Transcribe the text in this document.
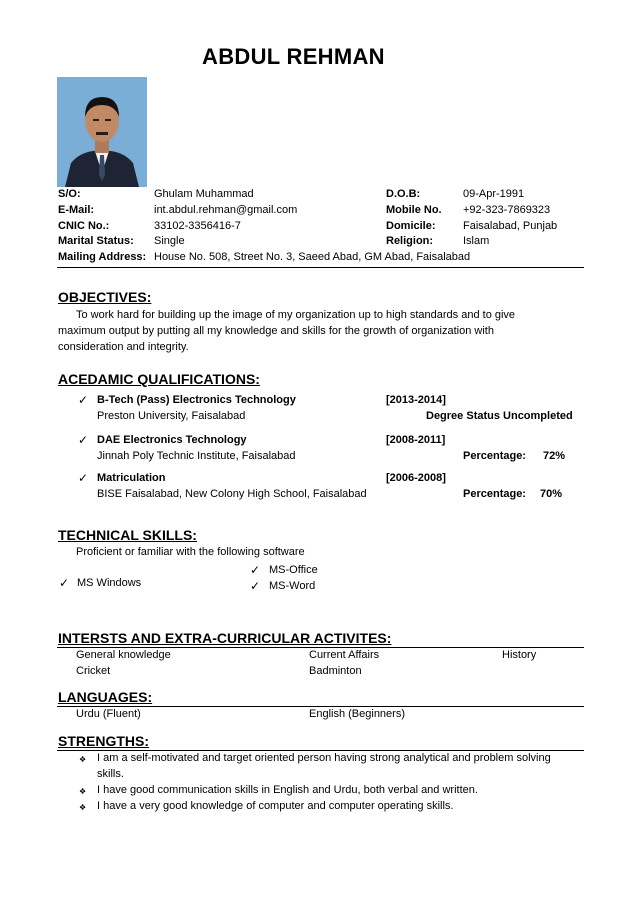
ABDUL REHMAN
S/O:	Ghulam Muhammad	D.O.B:	09-Apr-1991
E-Mail:	int.abdul.rehman@gmail.com	Mobile No. +92-323-7869323
CNIC No.:	33102-3356416-7	Domicile: Faisalabad, Punjab
Marital Status: Single	Religion:	Islam
Mailing Address: House No. 508, Street No. 3, Saeed Abad, GM Abad, Faisalabad
OBJECTIVES:
To work hard for building up the image of my organization up to high standards and to give
maximum output by putting all my knowledge and skills for the growth of organization with
consideration and integrity.
ACEDAMIC QUALIFICATIONS:
✓ B-Tech (Pass) Electronics Technology	[2013-2014]
Preston University, Faisalabad	Degree Status Uncompleted
✓ DAE Electronics Technology	[2008-2011]
Jinnah Poly Technic Institute, Faisalabad	Percentage: 72%
✓ Matriculation	[2006-2008]
BISE Faisalabad, New Colony High School, Faisalabad	Percentage: 70%
TECHNICAL SKILLS:
Proficient or familiar with the following software
✓ MS-Office
✓ MS Windows	✓ MS-Word
INTERSTS AND EXTRA-CURRICULAR ACTIVITES:
General knowledge	Current Affairs	History
Cricket	Badminton
LANGUAGES:
Urdu (Fluent)	English (Beginners)
STRENGTHS:
❖ I am a self-motivated and target oriented person having strong analytical and problem solving
skills.
❖ I have good communication skills in English and Urdu, both verbal and written.
❖ I have a very good knowledge of computer and computer operating skills.
